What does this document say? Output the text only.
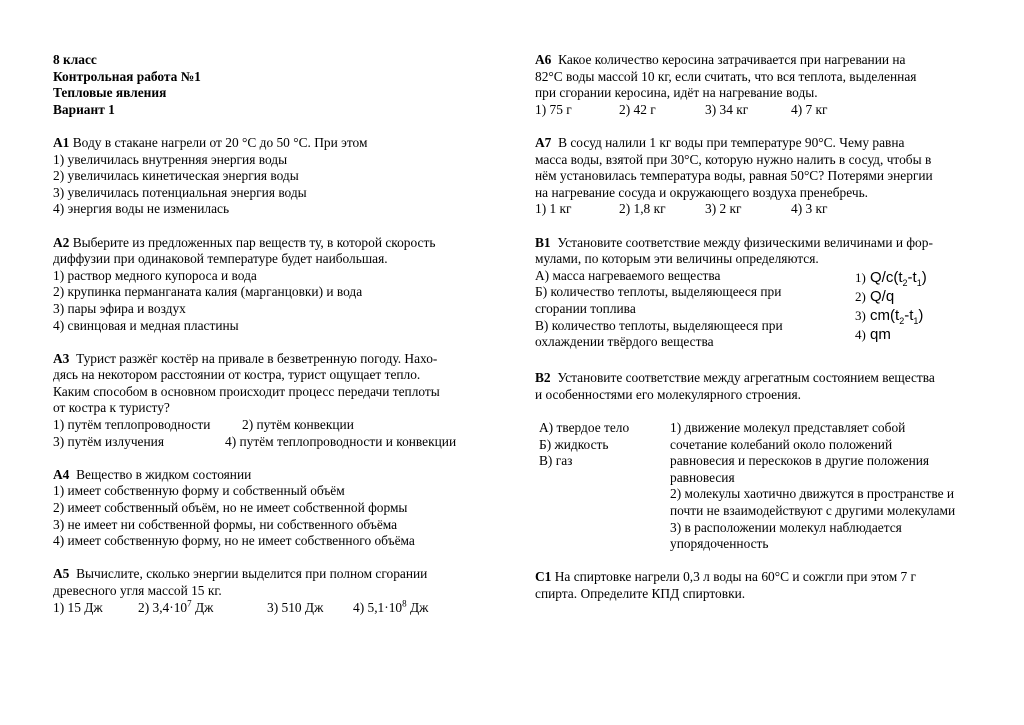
8 класс

Контрольная работа №1

Тепловые явления

Вариант 1

A1 Воду в стакане нагрели от 20 °С до 50 °С. При этом

1) увеличилась внутренняя энергия воды

2) увеличилась кинетическая энергия воды

3) увеличилась потенциальная энергия воды

4) энергия воды не изменилась

A2 Выберите из предложенных пар веществ ту, в которой скорость

диффузии при одинаковой температуре будет наибольшая.

1) раствор медного купороса и вода

2) крупинка перманганата калия (марганцовки) и вода

3) пары эфира и воздух

4) свинцовая и медная пластины

A3 Турист разжёг костёр на привале в безветренную погоду. Нахо-

дясь на некотором расстоянии от костра, турист ощущает тепло.

Каким способом в основном происходит процесс передачи теплоты

от костра к туристу?

1) путём теплопроводности	2) путём конвекции
3) путём излучения	4) путём теплопроводности и конвекции

A4 Вещество в жидком состоянии

1) имеет собственную форму и собственный объём

2) имеет собственный объём, но не имеет собственной формы

3) не имеет ни собственной формы, ни собственного объёма

4) имеет собственную форму, но не имеет собственного объёма

A5 Вычислите, сколько энергии выделится при полном сгорании

древесного угля массой 15 кг.

1) 15 Дж	2) $3,4\cdot 10^7$ Дж	3) 510 Дж	4) $5,1\cdot 10^8$ Дж

A6 Какое количество керосина затрачивается при нагревании на

82°С воды массой 10 кг, если считать, что вся теплота, выделенная

при сгорании керосина, идёт на нагревание воды.

1) 75 г	2) 42 г	3) 34 кг	4) 7 кг

A7 В сосуд налили 1 кг воды при температуре 90°С. Чему равна

масса воды, взятой при 30°С, которую нужно налить в сосуд, чтобы в

нём установилась температура воды, равная 50°С? Потерями энергии

на нагревание сосуда и окружающего воздуха пренебречь.

1) 1 кг	2) 1,8 кг	3) 2 кг	4) 3 кг

B1 Установите соответствие между физическими величинами и фор-

мулами, по которым эти величины определяются.

А) масса нагреваемого вещества

Б) количество теплоты, выделяющееся при

сгорании топлива

В) количество теплоты, выделяющееся при

охлаждении твёрдого вещества

1) $Q/c(t_2-t_1)$

2) Q/q

3) $cm(t_2-t_1)$

4) qm

B2 Установите соответствие между агрегатным состоянием вещества

и особенностями его молекулярного строения.

А) твердое тело

Б) жидкость

В) газ

1) движение молекул представляет собой

сочетание колебаний около положений

равновесия и перескоков в другие положения

равновесия

2) молекулы хаотично движутся в пространстве и

почти не взаимодействуют с другими молекулами

3) в расположении молекул наблюдается

упорядоченность

C1 На спиртовке нагрели 0,3 л воды на 60°С и сожгли при этом 7 г

спирта. Определите КПД спиртовки.
